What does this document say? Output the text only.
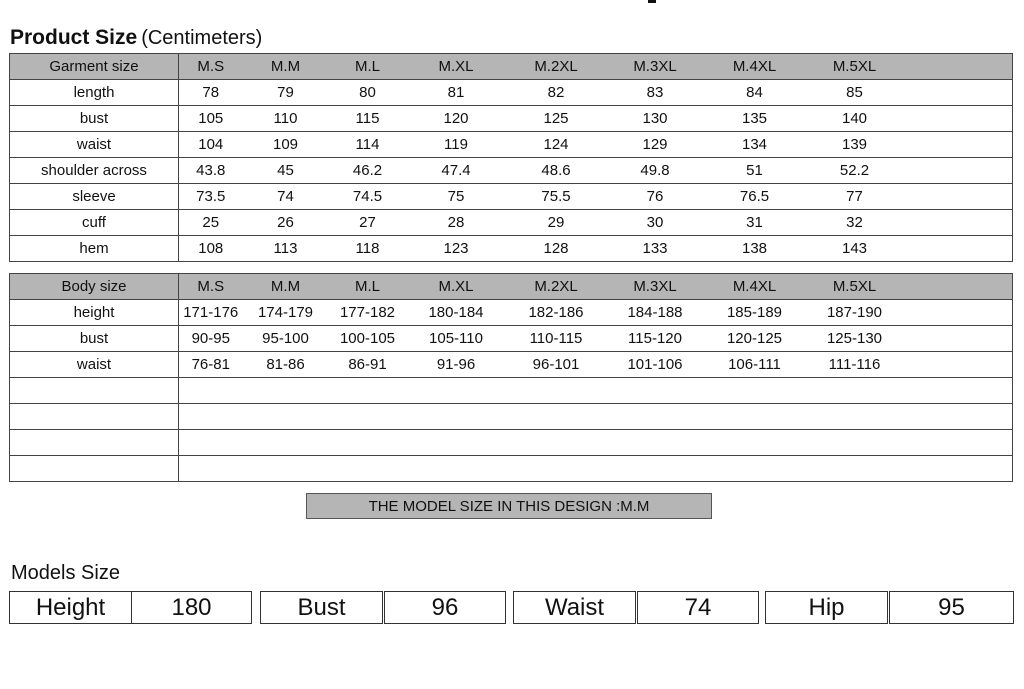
Product Size (Centimeters)
Garment size	M.S	M.M	M.L	M.XL	M.2XL	M.3XL	M.4XL	M.5XL	
length	78	79	80	81	82	83	84	85	
bust	105	110	115	120	125	130	135	140	
waist	104	109	114	119	124	129	134	139	
shoulder across	43.8	45	46.2	47.4	48.6	49.8	51	52.2	
sleeve	73.5	74	74.5	75	75.5	76	76.5	77	
cuff	25	26	27	28	29	30	31	32	
hem	108	113	118	123	128	133	138	143	
Body size	M.S	M.M	M.L	M.XL	M.2XL	M.3XL	M.4XL	M.5XL	
height	171-176	174-179	177-182	180-184	182-186	184-188	185-189	187-190	
bust	90-95	95-100	100-105	105-110	110-115	115-120	120-125	125-130	
waist	76-81	81-86	86-91	91-96	96-101	101-106	106-111	111-116	

THE MODEL SIZE IN THIS DESIGN :M.M
Models Size
Height	180	Bust	96	Waist	74	Hip	95
